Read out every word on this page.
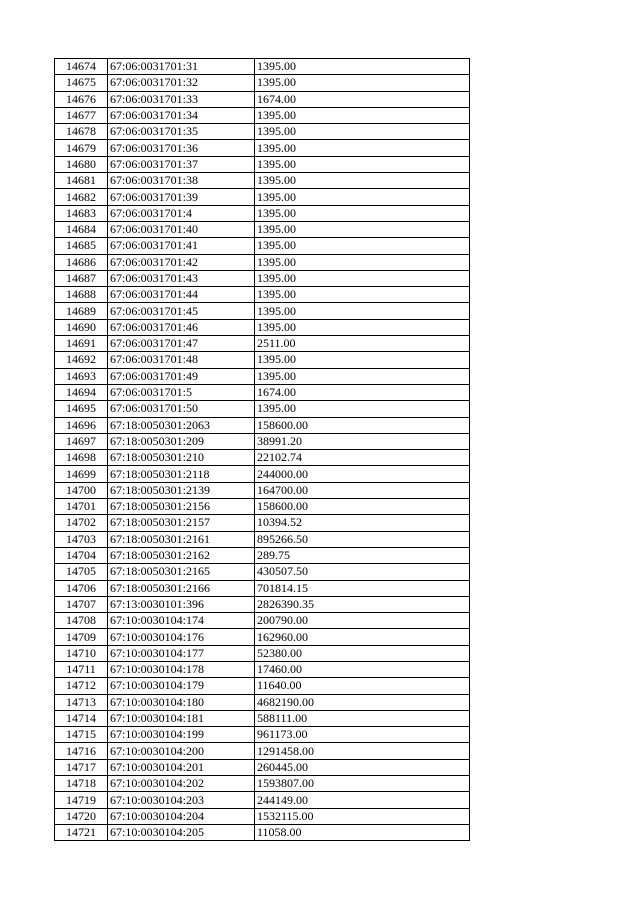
14674	67:06:0031701:31	1395.00
14675	67:06:0031701:32	1395.00
14676	67:06:0031701:33	1674.00
14677	67:06:0031701:34	1395.00
14678	67:06:0031701:35	1395.00
14679	67:06:0031701:36	1395.00
14680	67:06:0031701:37	1395.00
14681	67:06:0031701:38	1395.00
14682	67:06:0031701:39	1395.00
14683	67:06:0031701:4	1395.00
14684	67:06:0031701:40	1395.00
14685	67:06:0031701:41	1395.00
14686	67:06:0031701:42	1395.00
14687	67:06:0031701:43	1395.00
14688	67:06:0031701:44	1395.00
14689	67:06:0031701:45	1395.00
14690	67:06:0031701:46	1395.00
14691	67:06:0031701:47	2511.00
14692	67:06:0031701:48	1395.00
14693	67:06:0031701:49	1395.00
14694	67:06:0031701:5	1674.00
14695	67:06:0031701:50	1395.00
14696	67:18:0050301:2063	158600.00
14697	67:18:0050301:209	38991.20
14698	67:18:0050301:210	22102.74
14699	67:18:0050301:2118	244000.00
14700	67:18:0050301:2139	164700.00
14701	67:18:0050301:2156	158600.00
14702	67:18:0050301:2157	10394.52
14703	67:18:0050301:2161	895266.50
14704	67:18:0050301:2162	289.75
14705	67:18:0050301:2165	430507.50
14706	67:18:0050301:2166	701814.15
14707	67:13:0030101:396	2826390.35
14708	67:10:0030104:174	200790.00
14709	67:10:0030104:176	162960.00
14710	67:10:0030104:177	52380.00
14711	67:10:0030104:178	17460.00
14712	67:10:0030104:179	11640.00
14713	67:10:0030104:180	4682190.00
14714	67:10:0030104:181	588111.00
14715	67:10:0030104:199	961173.00
14716	67:10:0030104:200	1291458.00
14717	67:10:0030104:201	260445.00
14718	67:10:0030104:202	1593807.00
14719	67:10:0030104:203	244149.00
14720	67:10:0030104:204	1532115.00
14721	67:10:0030104:205	11058.00
